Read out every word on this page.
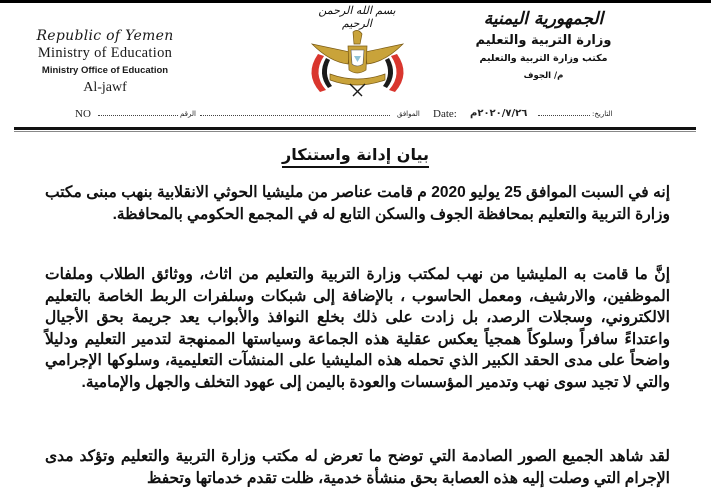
Republic of Yemen
Ministry of Education
Ministry Office of Education
Al-jawf
بسم الله الرحمن الرحيم	الجمهورية اليمنية
وزارة التربية والتعليم
مكتب وزارة التربية والتعليم
م/ الجوف
NO	الرقم	الموافق Date: ٢٠٢٠/٧/٢٦م	التاريخ:
بيان إدانة واستنكار
إنه في السبت الموافق 25 يوليو 2020 م قامت عناصر من مليشيا الحوثي الانقلابية بنهب مبنى مكتب وزارة التربية والتعليم بمحافظة الجوف والسكن التابع له في المجمع الحكومي بالمحافظة.
إنَّ ما قامت به المليشيا من نهب لمكتب وزارة التربية والتعليم من اثاث، ووثائق الطلاب وملفات الموظفين، والارشيف، ومعمل الحاسوب ، بالإضافة إلى شبكات وسلفرات الربط الخاصة بالتعليم الالكتروني، وسجلات الرصد، بل زادت على ذلك بخلع النوافذ والأبواب يعد جريمة بحق الأجيال واعتداءً سافراً وسلوكاً همجياً يعكس عقلية هذه الجماعة وسياستها الممنهجة لتدمير التعليم ودليلاً واضحاً على مدى الحقد الكبير الذي تحمله هذه المليشيا على المنشآت التعليمية، وسلوكها الإجرامي والتي لا تجيد سوى نهب وتدمير المؤسسات والعودة باليمن إلى عهود التخلف والجهل والإمامية.
لقد شاهد الجميع الصور الصادمة التي توضح ما تعرض له مكتب وزارة التربية والتعليم وتؤكد مدى الإجرام التي وصلت إليه هذه العصابة بحق منشأة خدمية، ظلت تقدم خدماتها وتحفظ
